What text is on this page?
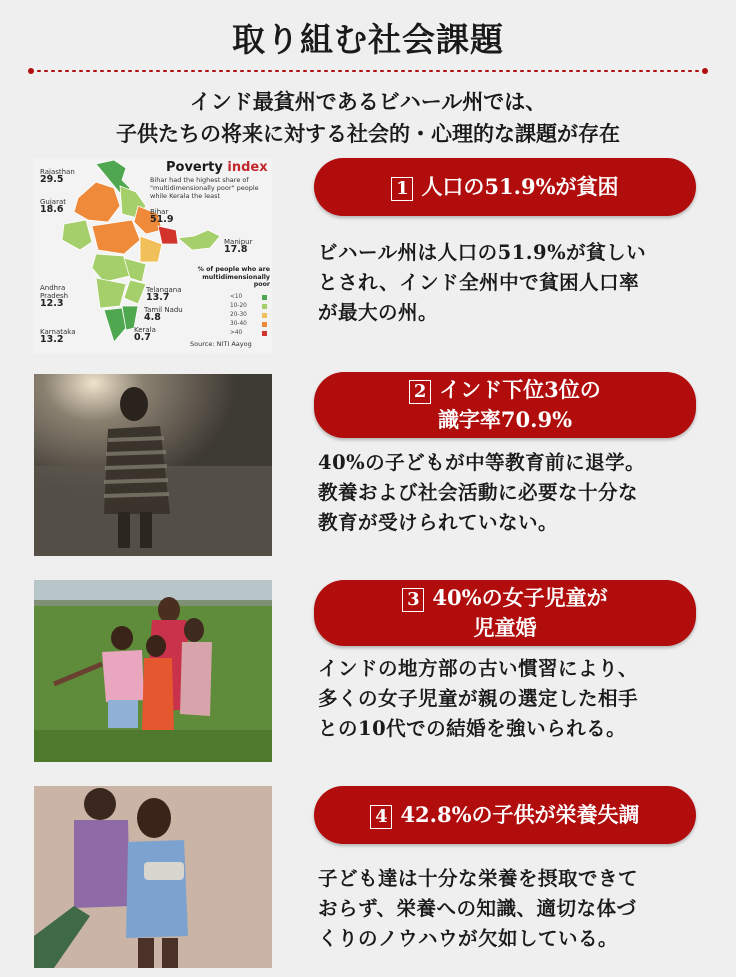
取り組む社会課題
インド最貧州であるビハール州では、
子供たちの将来に対する社会的・心理的な課題が存在
Poverty index
Bihar had the highest share of "multidimensionally poor" people while Kerala the least
Rajasthan
29.5
Gujarat
18.6	Bihar
51.9
Manipur
17.8
Andhra Pradesh
12.3
Telangana
13.7
Tamil Nadu
4.8
Karnataka
13.2
Kerala
0.7
% of people who are multidimensionally poor
<10
10-20
20-30
30-40
>40
Source: NITI Aayog
1 人口の51.9%が貧困
ビハール州は人口の51.9%が貧しい
とされ、インド全州中で貧困人口率
が最大の州。
2 インド下位3位の
識字率70.9%
40%の子どもが中等教育前に退学。
教養および社会活動に必要な十分な
教育が受けられていない。
3 40%の女子児童が
児童婚
インドの地方部の古い慣習により、
多くの女子児童が親の選定した相手
との10代での結婚を強いられる。
4 42.8%の子供が栄養失調
子ども達は十分な栄養を摂取できて
おらず、栄養への知識、適切な体づ
くりのノウハウが欠如している。
